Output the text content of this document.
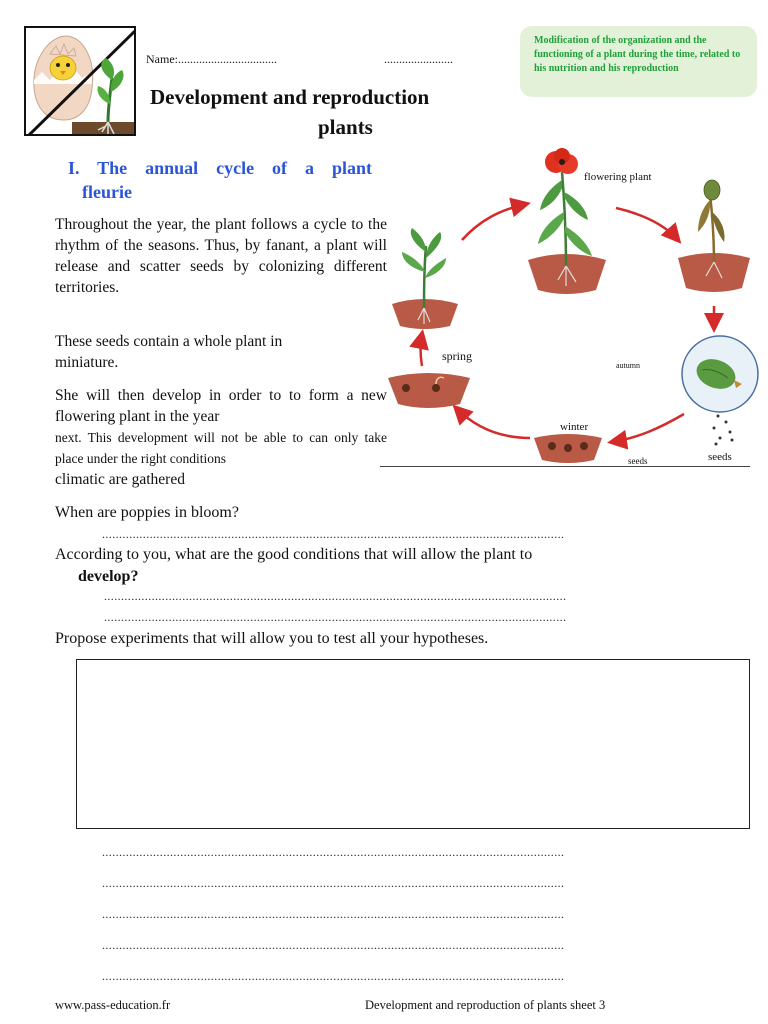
Name:.................................	.......................
Development and reproduction
plants
Modification of the organization and the functioning of a plant during the time, related to his nutrition and his reproduction
I. The annual cycle of a plant
fleurie
Throughout the year, the plant follows a cycle to the rhythm of the seasons. Thus, by fanant, a plant will release and scatter seeds by colonizing different territories.
These seeds contain a whole plant in miniature.
She will then develop in order to to form a new flowering plant in the year
next. This development will not be able to can only take place under the right conditions
climatic are gathered
flowering plant
spring
autumn
winter
seeds	seeds
When are poppies in bloom?
........................................................................................................................................
According to you, what are the good conditions that will allow the plant to
develop?
........................................................................................................................................
........................................................................................................................................
Propose experiments that will allow you to test all your hypotheses.
........................................................................................................................................
........................................................................................................................................
........................................................................................................................................
........................................................................................................................................
........................................................................................................................................
www.pass-education.fr	Development and reproduction of plants sheet 3
